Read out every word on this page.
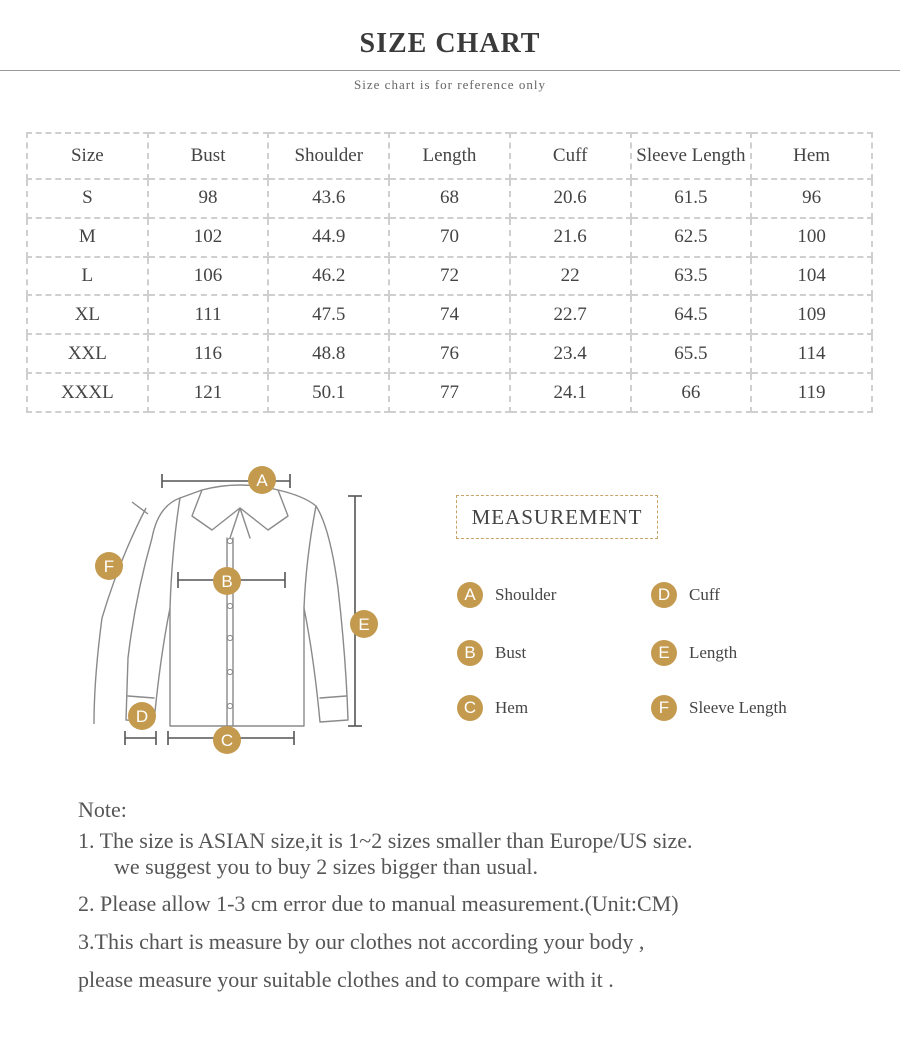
SIZE CHART
Size chart is for reference only
Size	Bust	Shoulder	Length	Cuff	Sleeve Length	Hem
S	98	43.6	68	20.6	61.5	96
M	102	44.9	70	21.6	62.5	100
L	106	46.2	72	22	63.5	104
XL	111	47.5	74	22.7	64.5	109
XXL	116	48.8	76	23.4	65.5	114
XXXL	121	50.1	77	24.1	66	119
A
B
C
D
E
F
MEASUREMENT
A	Shoulder
B	Bust
C	Hem
D	Cuff
E	Length
F	Sleeve Length
Note:
1. The size is ASIAN size,it is 1~2 sizes smaller than Europe/US size.
we suggest you to buy 2 sizes bigger than usual.
2. Please allow 1-3 cm error due to manual measurement.(Unit:CM)
3.This chart is measure by our clothes not according your body ,
please measure your suitable clothes and to compare with it .
